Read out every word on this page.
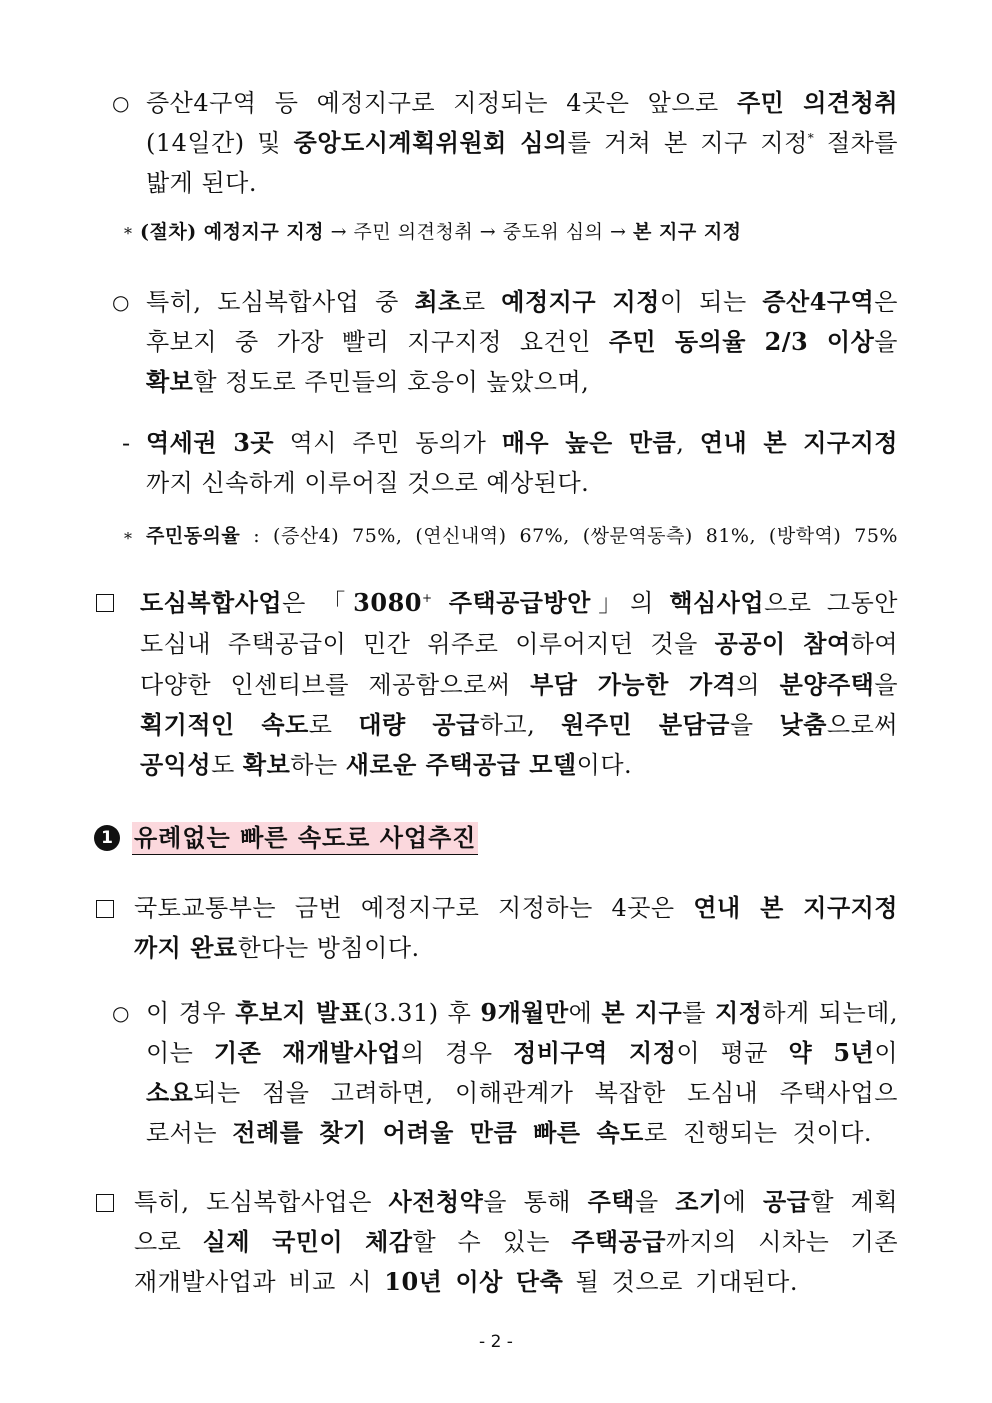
○ 증산4구역 등 예정지구로 지정되는 4곳은 앞으로 주민 의견청취
(14일간) 및 중앙도시계획위원회 심의를 거쳐 본 지구 지정* 절차를
밟게 된다.
* (절차) 예정지구 지정 → 주민 의견청취 → 중도위 심의 → 본 지구 지정
○ 특히, 도심복합사업 중 최초로 예정지구 지정이 되는 증산4구역은
후보지 중 가장 빨리 지구지정 요건인 주민 동의율 2/3 이상을
확보할 정도로 주민들의 호응이 높았으며,
- 역세권 3곳 역시 주민 동의가 매우 높은 만큼, 연내 본 지구지정
까지 신속하게 이루어질 것으로 예상된다.
* 주민동의율 : (증산4) 75%, (연신내역) 67%, (쌍문역동측) 81%, (방학역) 75%
도심복합사업은 「3080+ 주택공급방안」의 핵심사업으로 그동안
도심내 주택공급이 민간 위주로 이루어지던 것을 공공이 참여하여
다양한 인센티브를 제공함으로써 부담 가능한 가격의 분양주택을
획기적인 속도로 대량 공급하고, 원주민 분담금을 낮춤으로써
공익성도 확보하는 새로운 주택공급 모델이다.
1 유례없는 빠른 속도로 사업추진
국토교통부는 금번 예정지구로 지정하는 4곳은 연내 본 지구지정
까지 완료한다는 방침이다.
○ 이 경우 후보지 발표(3.31) 후 9개월만에 본 지구를 지정하게 되는데,
이는 기존 재개발사업의 경우 정비구역 지정이 평균 약 5년이
소요되는 점을 고려하면, 이해관계가 복잡한 도심내 주택사업으
로서는 전례를 찾기 어려울 만큼 빠른 속도로 진행되는 것이다.
특히, 도심복합사업은 사전청약을 통해 주택을 조기에 공급할 계획
으로 실제 국민이 체감할 수 있는 주택공급까지의 시차는 기존
재개발사업과 비교 시 10년 이상 단축 될 것으로 기대된다.
- 2 -
